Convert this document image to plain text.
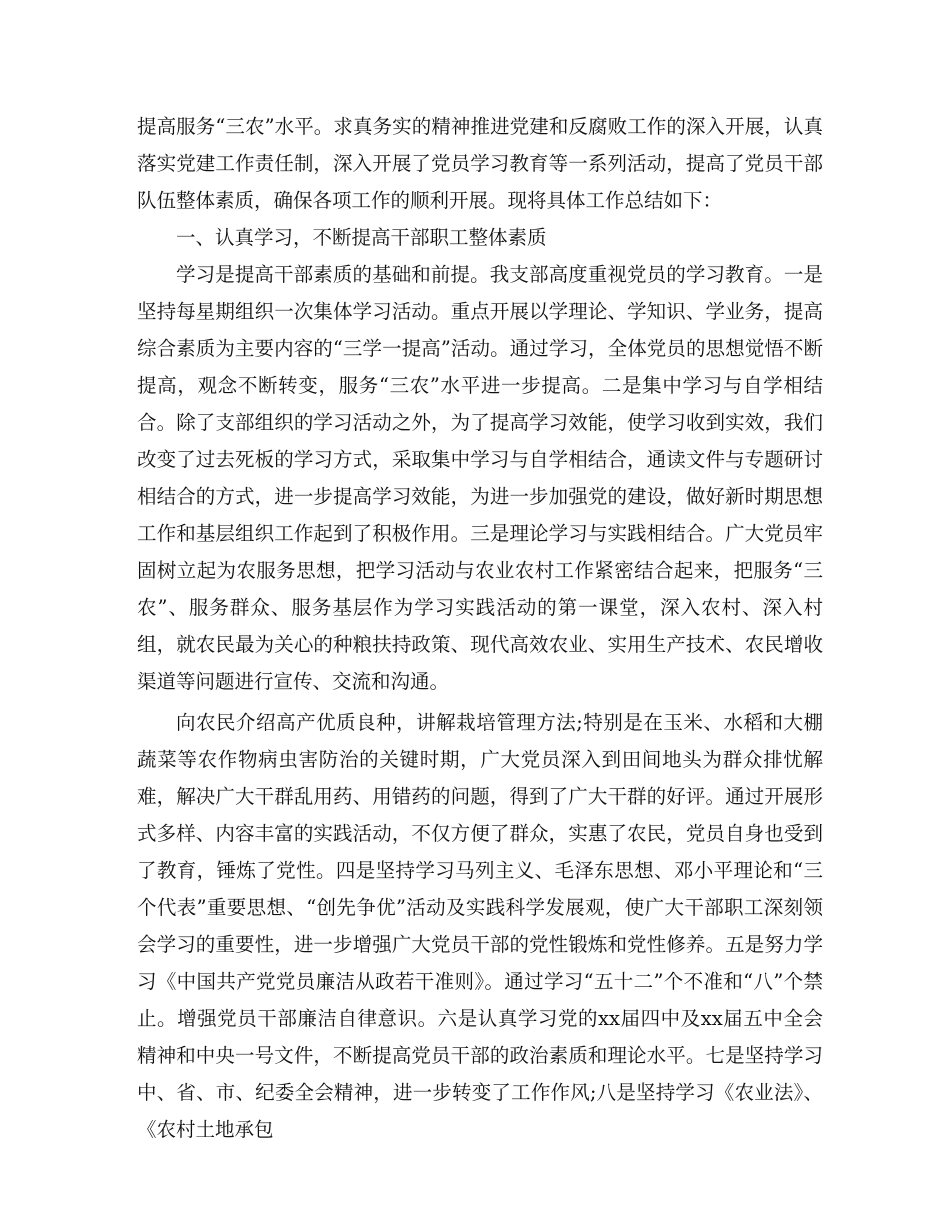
提高服务“三农”水平。求真务实的精神推进党建和反腐败工作的深入开展，认真落实党建工作责任制，深入开展了党员学习教育等一系列活动，提高了党员干部队伍整体素质，确保各项工作的顺利开展。现将具体工作总结如下：

一、认真学习，不断提高干部职工整体素质

学习是提高干部素质的基础和前提。我支部高度重视党员的学习教育。一是坚持每星期组织一次集体学习活动。重点开展以学理论、学知识、学业务，提高综合素质为主要内容的“三学一提高”活动。通过学习，全体党员的思想觉悟不断提高，观念不断转变，服务“三农”水平进一步提高。二是集中学习与自学相结合。除了支部组织的学习活动之外，为了提高学习效能，使学习收到实效，我们改变了过去死板的学习方式，采取集中学习与自学相结合，通读文件与专题研讨相结合的方式，进一步提高学习效能，为进一步加强党的建设，做好新时期思想工作和基层组织工作起到了积极作用。三是理论学习与实践相结合。广大党员牢固树立起为农服务思想，把学习活动与农业农村工作紧密结合起来，把服务“三农”、服务群众、服务基层作为学习实践活动的第一课堂，深入农村、深入村组，就农民最为关心的种粮扶持政策、现代高效农业、实用生产技术、农民增收渠道等问题进行宣传、交流和沟通。

向农民介绍高产优质良种，讲解栽培管理方法;特别是在玉米、水稻和大棚蔬菜等农作物病虫害防治的关键时期，广大党员深入到田间地头为群众排忧解难，解决广大干群乱用药、用错药的问题，得到了广大干群的好评。通过开展形式多样、内容丰富的实践活动，不仅方便了群众，实惠了农民，党员自身也受到了教育，锤炼了党性。四是坚持学习马列主义、毛泽东思想、邓小平理论和“三个代表”重要思想、“创先争优”活动及实践科学发展观，使广大干部职工深刻领会学习的重要性，进一步增强广大党员干部的党性锻炼和党性修养。五是努力学习《中国共产党党员廉洁从政若干准则》。通过学习“五十二”个不准和“八”个禁止。增强党员干部廉洁自律意识。六是认真学习党的xx届四中及xx届五中全会精神和中央一号文件，不断提高党员干部的政治素质和理论水平。七是坚持学习中、省、市、纪委全会精神，进一步转变了工作作风;八是坚持学习《农业法》、《农村土地承包
